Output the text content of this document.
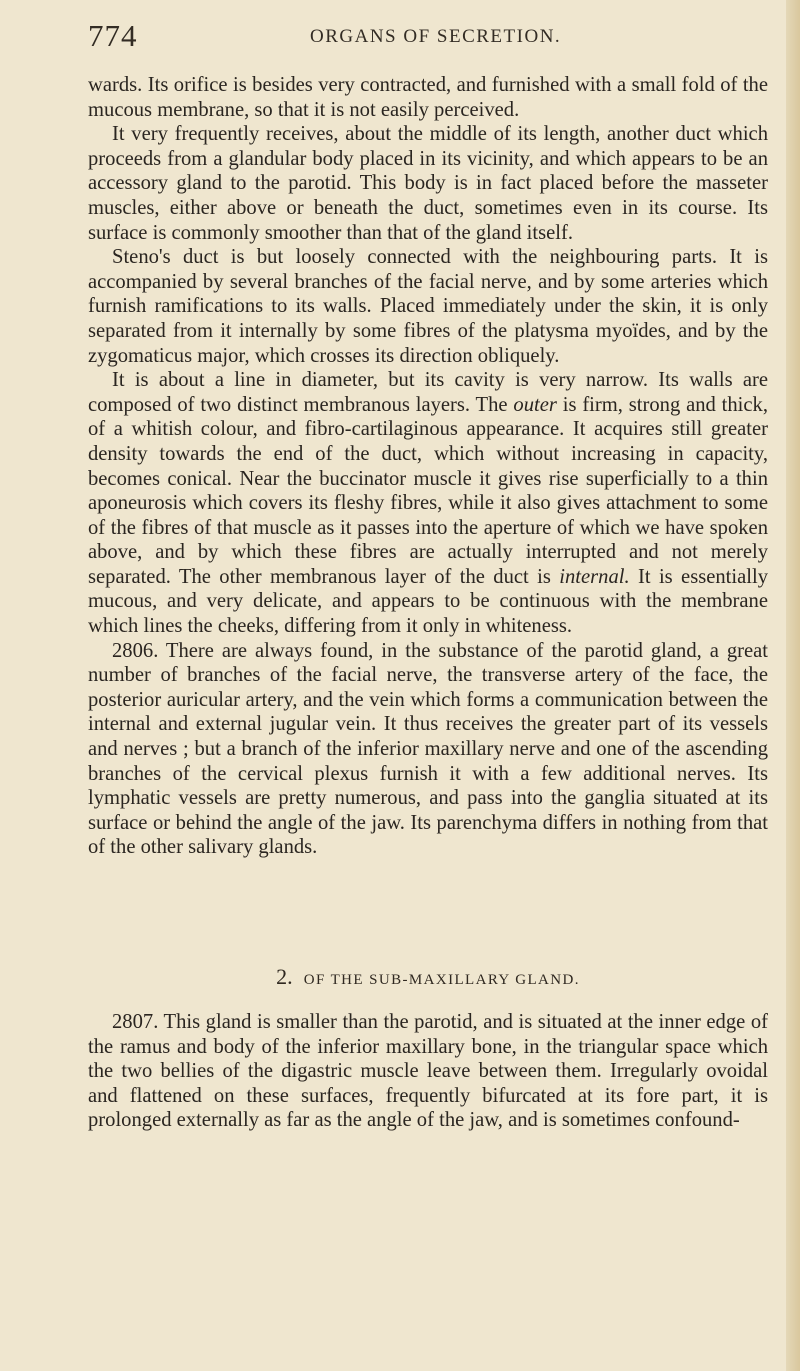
774	ORGANS OF SECRETION.

wards. Its orifice is besides very contracted, and furnished with a small fold of the mucous membrane, so that it is not easily perceived.

It very frequently receives, about the middle of its length, another duct which proceeds from a glandular body placed in its vicinity, and which appears to be an accessory gland to the parotid. This body is in fact placed before the masseter muscles, either above or beneath the duct, sometimes even in its course. Its surface is commonly smoother than that of the gland itself.

Steno's duct is but loosely connected with the neighbouring parts. It is accompanied by several branches of the facial nerve, and by some arteries which furnish ramifications to its walls. Placed immediately under the skin, it is only separated from it internally by some fibres of the platysma myoïdes, and by the zygomaticus major, which crosses its direction obliquely.

It is about a line in diameter, but its cavity is very narrow. Its walls are composed of two distinct membranous layers. The outer is firm, strong and thick, of a whitish colour, and fibro-cartilaginous appearance. It acquires still greater density towards the end of the duct, which without increasing in capacity, becomes conical. Near the buccinator muscle it gives rise superficially to a thin aponeurosis which covers its fleshy fibres, while it also gives attachment to some of the fibres of that muscle as it passes into the aperture of which we have spoken above, and by which these fibres are actually interrupted and not merely separated. The other membranous layer of the duct is internal. It is essentially mucous, and very delicate, and appears to be continuous with the membrane which lines the cheeks, differing from it only in whiteness.

2806. There are always found, in the substance of the parotid gland, a great number of branches of the facial nerve, the transverse artery of the face, the posterior auricular artery, and the vein which forms a communication between the internal and external jugular vein. It thus receives the greater part of its vessels and nerves ; but a branch of the inferior maxillary nerve and one of the ascending branches of the cervical plexus furnish it with a few additional nerves. Its lymphatic vessels are pretty numerous, and pass into the ganglia situated at its surface or behind the angle of the jaw. Its parenchyma differs in nothing from that of the other salivary glands.

2. OF THE SUB-MAXILLARY GLAND.

2807. This gland is smaller than the parotid, and is situated at the inner edge of the ramus and body of the inferior maxillary bone, in the triangular space which the two bellies of the digastric muscle leave between them. Irregularly ovoidal and flattened on these surfaces, frequently bifurcated at its fore part, it is prolonged externally as far as the angle of the jaw, and is sometimes confound-
